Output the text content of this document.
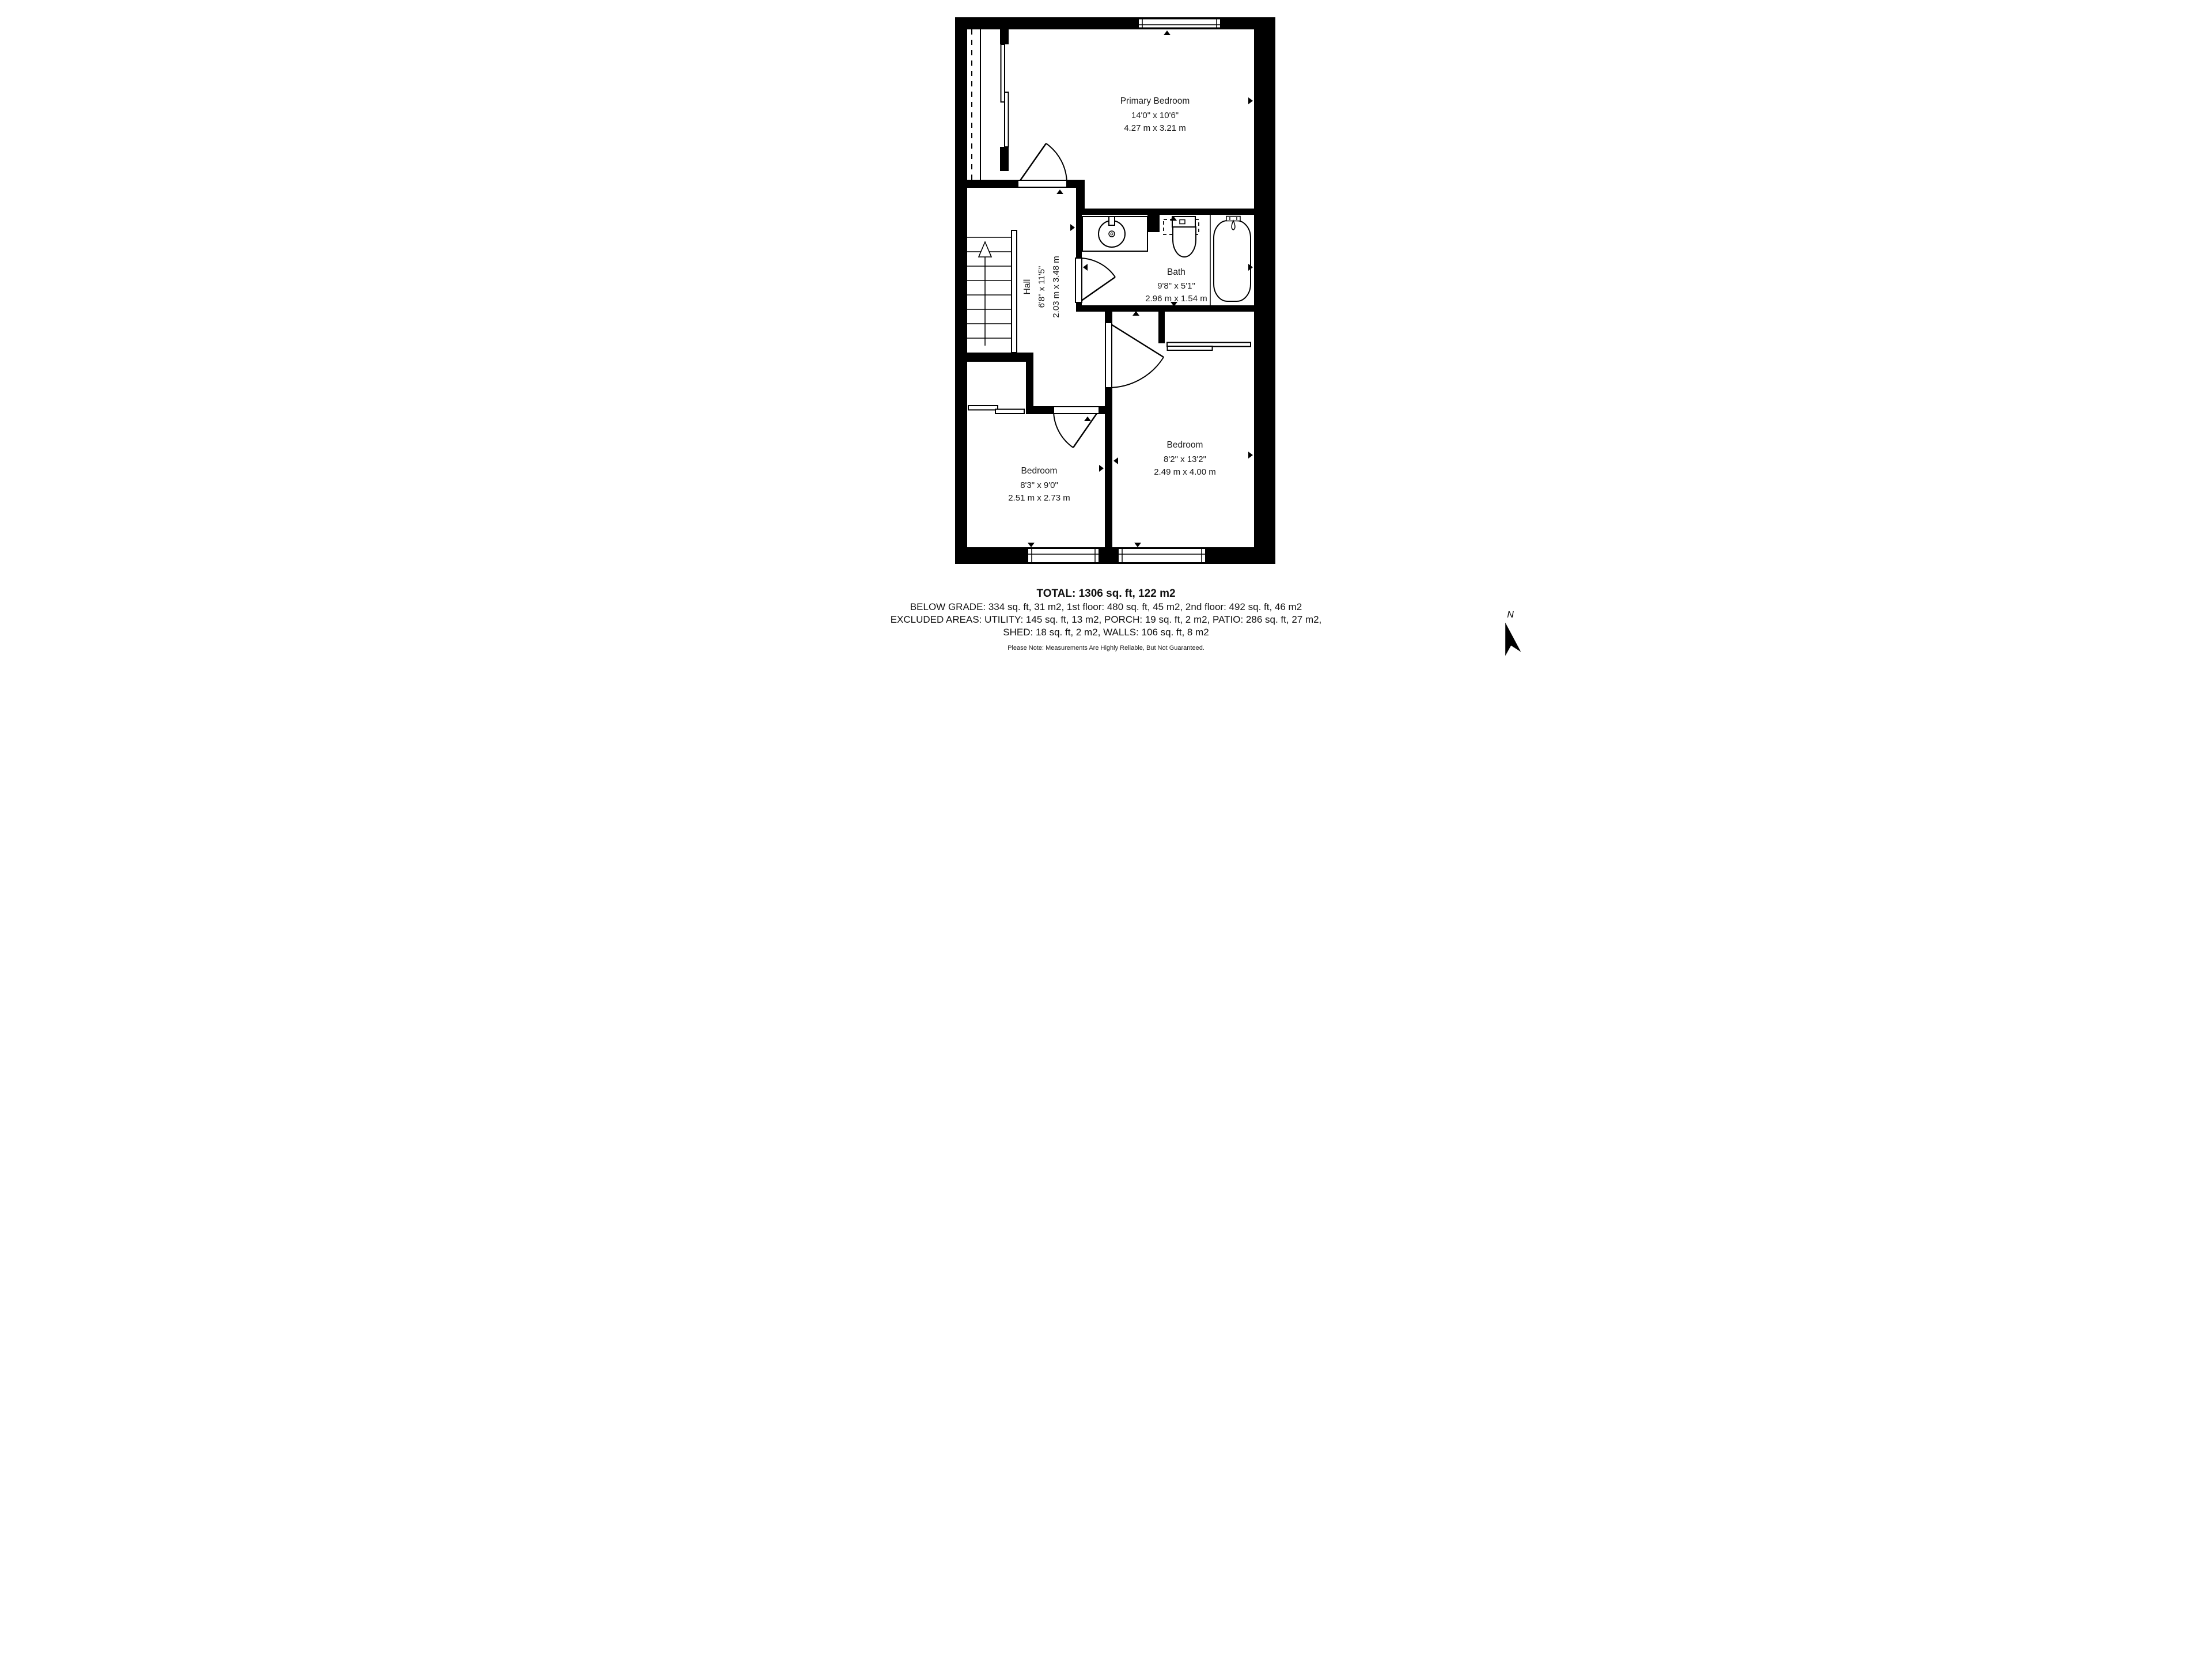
Primary Bedroom
14'0" x 10'6"
4.27 m x 3.21 m
Hall 6'8" x 11'5" 2.03 m x 3.48 m	Bath
9'8" x 5'1"
2.96 m x 1.54 m
Bedroom
8'3" x 9'0"
2.51 m x 2.73 m
Bedroom
8'2" x 13'2"
2.49 m x 4.00 m
TOTAL: 1306 sq. ft, 122 m2
BELOW GRADE: 334 sq. ft, 31 m2, 1st floor: 480 sq. ft, 45 m2, 2nd floor: 492 sq. ft, 46 m2
EXCLUDED AREAS: UTILITY: 145 sq. ft, 13 m2, PORCH: 19 sq. ft, 2 m2, PATIO: 286 sq. ft, 27 m2,
SHED: 18 sq. ft, 2 m2, WALLS: 106 sq. ft, 8 m2
Please Note: Measurements Are Highly Reliable, But Not Guaranteed.
N
